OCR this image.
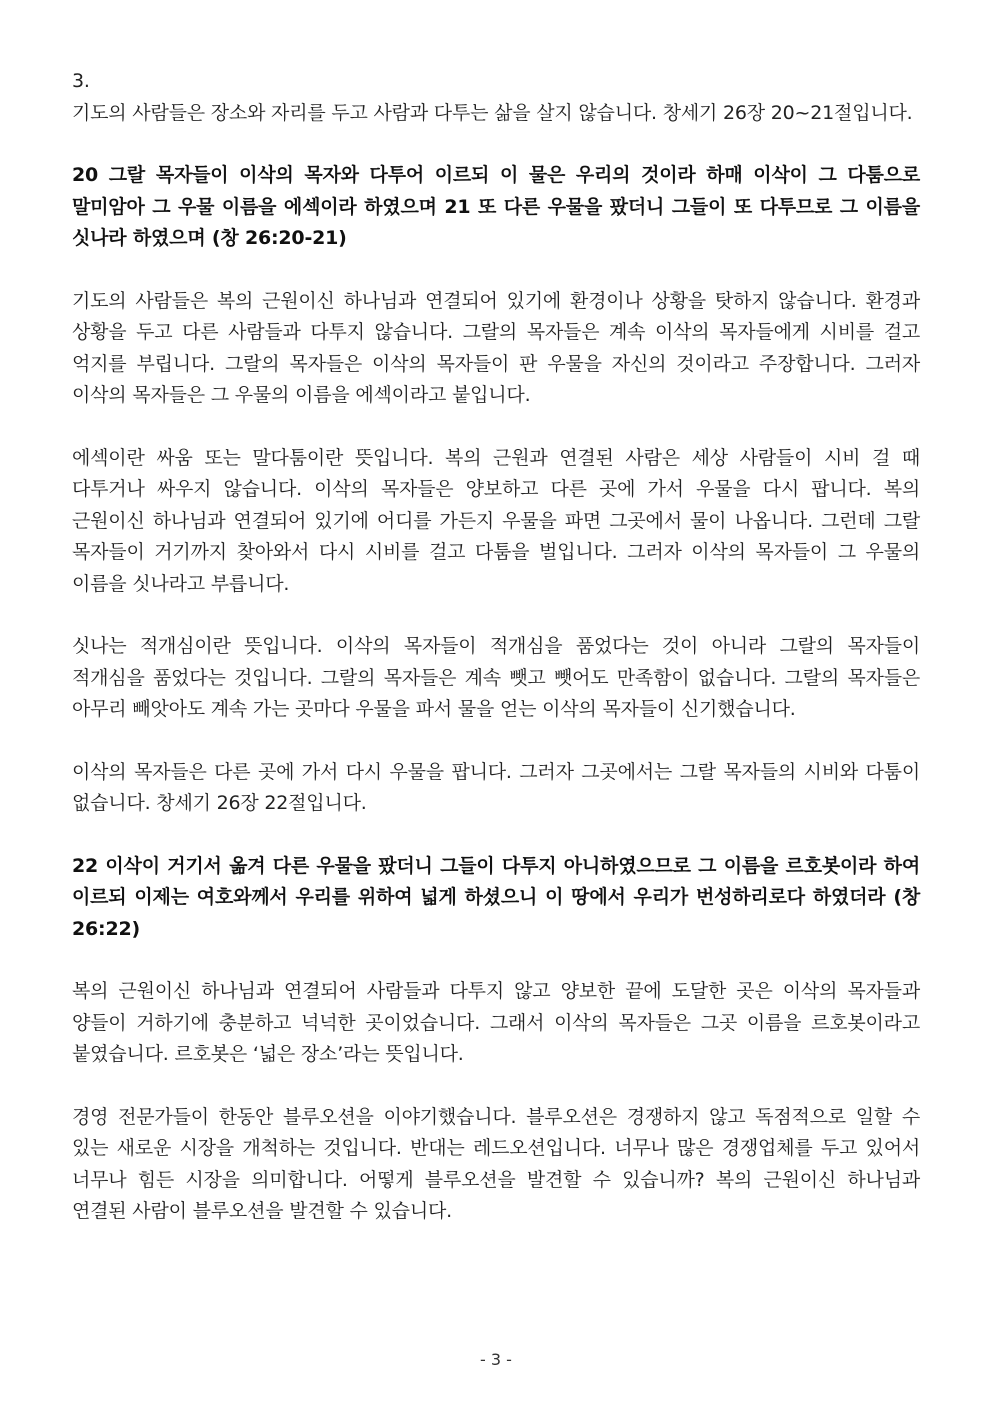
3.

기도의 사람들은 장소와 자리를 두고 사람과 다투는 삶을 살지 않습니다. 창세기 26장 20~21절입니다.

20 그랄 목자들이 이삭의 목자와 다투어 이르되 이 물은 우리의 것이라 하매 이삭이 그 다툼으로 말미암아 그 우물 이름을 에섹이라 하였으며 21 또 다른 우물을 팠더니 그들이 또 다투므로 그 이름을 싯나라 하였으며 (창 26:20-21)

기도의 사람들은 복의 근원이신 하나님과 연결되어 있기에 환경이나 상황을 탓하지 않습니다. 환경과 상황을 두고 다른 사람들과 다투지 않습니다. 그랄의 목자들은 계속 이삭의 목자들에게 시비를 걸고 억지를 부립니다. 그랄의 목자들은 이삭의 목자들이 판 우물을 자신의 것이라고 주장합니다. 그러자 이삭의 목자들은 그 우물의 이름을 에섹이라고 붙입니다.

에섹이란 싸움 또는 말다툼이란 뜻입니다. 복의 근원과 연결된 사람은 세상 사람들이 시비 걸 때 다투거나 싸우지 않습니다. 이삭의 목자들은 양보하고 다른 곳에 가서 우물을 다시 팝니다. 복의 근원이신 하나님과 연결되어 있기에 어디를 가든지 우물을 파면 그곳에서 물이 나옵니다. 그런데 그랄 목자들이 거기까지 찾아와서 다시 시비를 걸고 다툼을 벌입니다. 그러자 이삭의 목자들이 그 우물의 이름을 싯나라고 부릅니다.

싯나는 적개심이란 뜻입니다. 이삭의 목자들이 적개심을 품었다는 것이 아니라 그랄의 목자들이 적개심을 품었다는 것입니다. 그랄의 목자들은 계속 뺏고 뺏어도 만족함이 없습니다. 그랄의 목자들은 아무리 빼앗아도 계속 가는 곳마다 우물을 파서 물을 얻는 이삭의 목자들이 신기했습니다.

이삭의 목자들은 다른 곳에 가서 다시 우물을 팝니다. 그러자 그곳에서는 그랄 목자들의 시비와 다툼이 없습니다. 창세기 26장 22절입니다.

22 이삭이 거기서 옮겨 다른 우물을 팠더니 그들이 다투지 아니하였으므로 그 이름을 르호봇이라 하여 이르되 이제는 여호와께서 우리를 위하여 넓게 하셨으니 이 땅에서 우리가 번성하리로다 하였더라 (창 26:22)

복의 근원이신 하나님과 연결되어 사람들과 다투지 않고 양보한 끝에 도달한 곳은 이삭의 목자들과 양들이 거하기에 충분하고 넉넉한 곳이었습니다. 그래서 이삭의 목자들은 그곳 이름을 르호봇이라고 붙였습니다. 르호봇은 ‘넓은 장소’라는 뜻입니다.

경영 전문가들이 한동안 블루오션을 이야기했습니다. 블루오션은 경쟁하지 않고 독점적으로 일할 수 있는 새로운 시장을 개척하는 것입니다. 반대는 레드오션입니다. 너무나 많은 경쟁업체를 두고 있어서 너무나 힘든 시장을 의미합니다. 어떻게 블루오션을 발견할 수 있습니까? 복의 근원이신 하나님과 연결된 사람이 블루오션을 발견할 수 있습니다.

- 3 -
